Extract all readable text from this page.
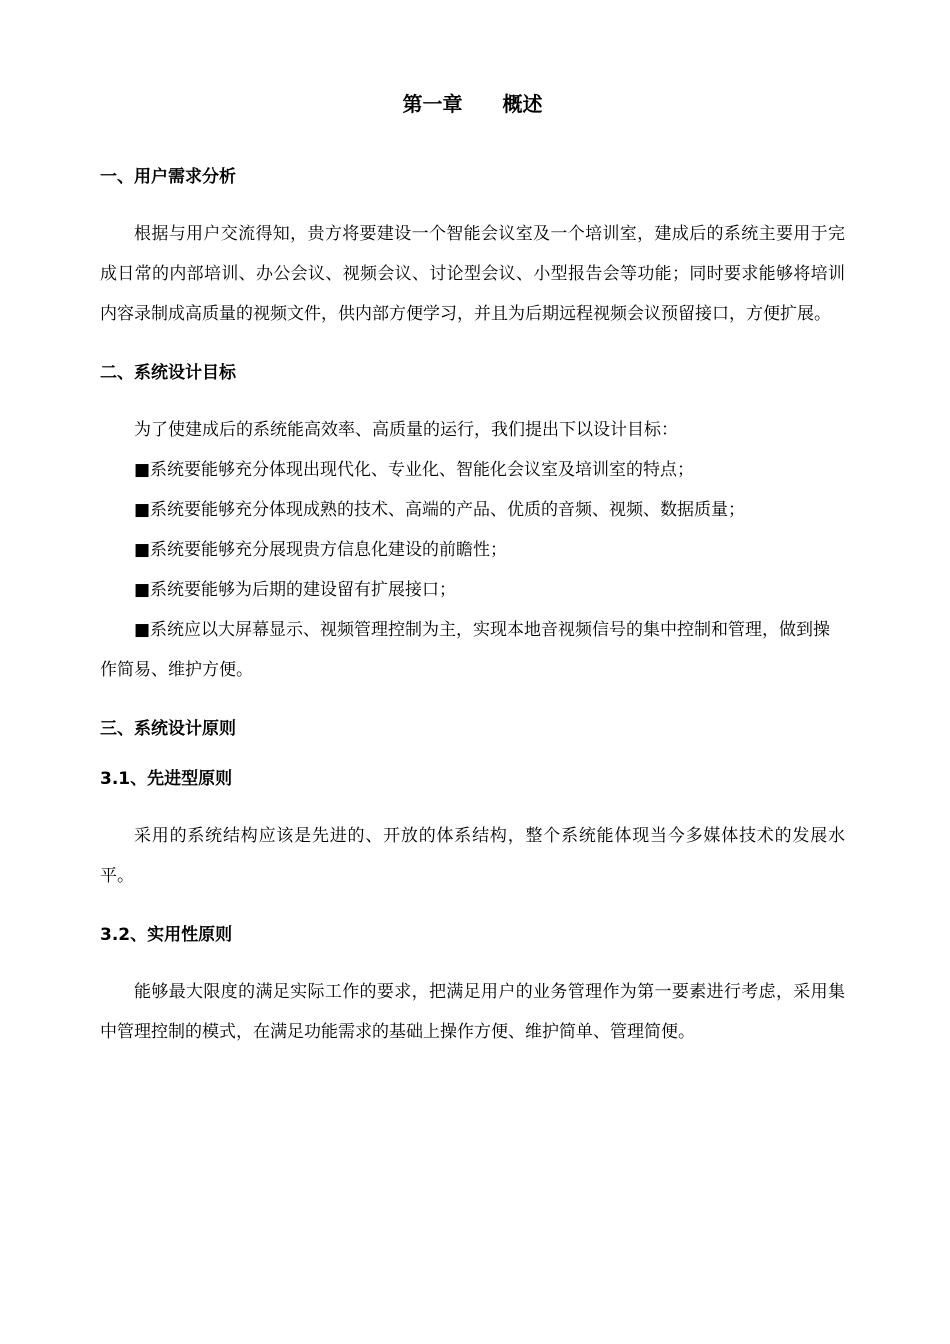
第一章　　概述
一、用户需求分析

根据与用户交流得知，贵方将要建设一个智能会议室及一个培训室，建成后的系统主要用于完成日常的内部培训、办公会议、视频会议、讨论型会议、小型报告会等功能；同时要求能够将培训内容录制成高质量的视频文件，供内部方便学习，并且为后期远程视频会议预留接口，方便扩展。

二、系统设计目标

为了使建成后的系统能高效率、高质量的运行，我们提出下以设计目标：

■系统要能够充分体现出现代化、专业化、智能化会议室及培训室的特点；

■系统要能够充分体现成熟的技术、高端的产品、优质的音频、视频、数据质量；

■系统要能够充分展现贵方信息化建设的前瞻性；

■系统要能够为后期的建设留有扩展接口；

■系统应以大屏幕显示、视频管理控制为主，实现本地音视频信号的集中控制和管理，做到操作简易、维护方便。

三、系统设计原则
3.1、先进型原则

采用的系统结构应该是先进的、开放的体系结构，整个系统能体现当今多媒体技术的发展水平。

3.2、实用性原则

能够最大限度的满足实际工作的要求，把满足用户的业务管理作为第一要素进行考虑，采用集中管理控制的模式，在满足功能需求的基础上操作方便、维护简单、管理简便。
